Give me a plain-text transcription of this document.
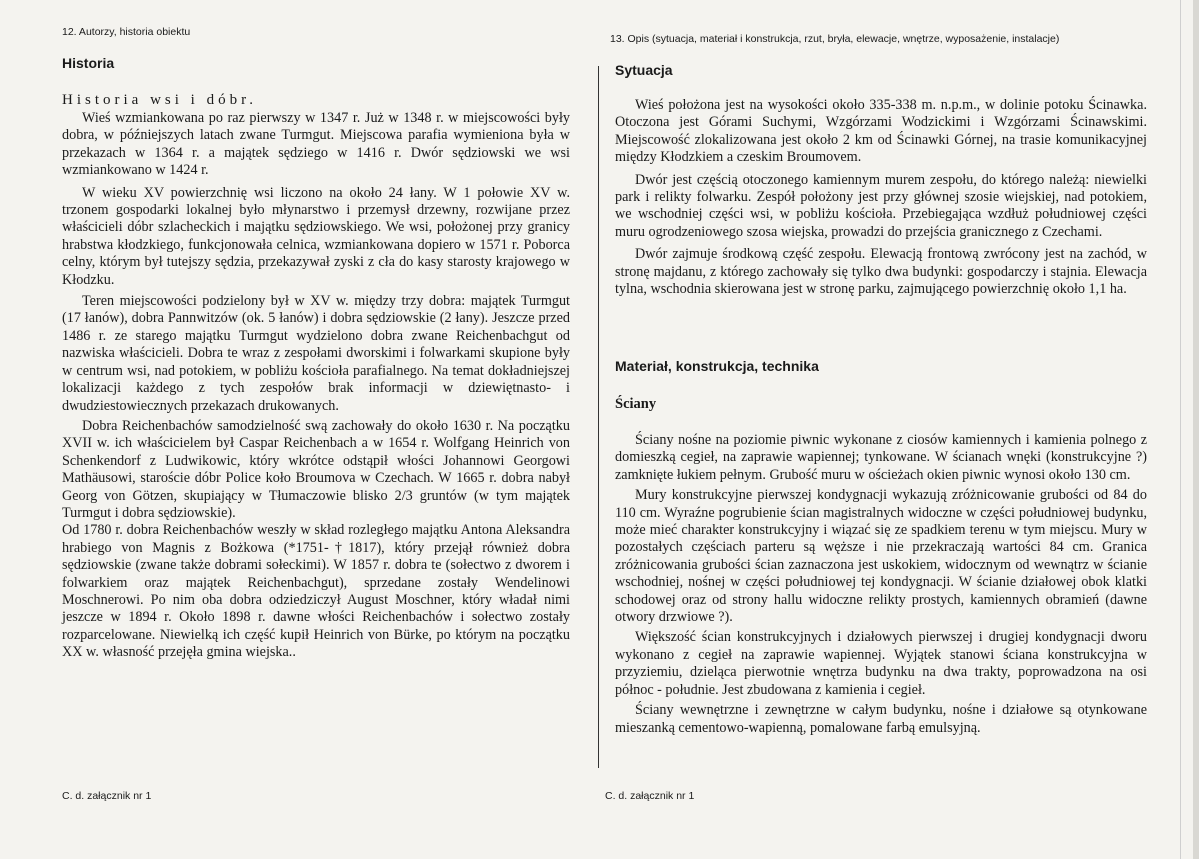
12. Autorzy, historia obiektu
Historia
Historia wsi i dóbr.

Wieś wzmiankowana po raz pierwszy w 1347 r. Już w 1348 r. w miejscowości były dobra, w późniejszych latach zwane Turmgut. Miejscowa parafia wymieniona była w przekazach w 1364 r. a majątek sędziego w 1416 r. Dwór sędziowski we wsi wzmiankowano w 1424 r.

W wieku XV powierzchnię wsi liczono na około 24 łany. W 1 połowie XV w. trzonem gospodarki lokalnej było młynarstwo i przemysł drzewny, rozwijane przez właścicieli dóbr szlacheckich i majątku sędziowskiego. We wsi, położonej przy granicy hrabstwa kłodzkiego, funkcjonowała celnica, wzmiankowana dopiero w 1571 r. Poborca celny, którym był tutejszy sędzia, przekazywał zyski z cła do kasy starosty krajowego w Kłodzku.

Teren miejscowości podzielony był w XV w. między trzy dobra: majątek Turmgut (17 łanów), dobra Pannwitzów (ok. 5 łanów) i dobra sędziowskie (2 łany). Jeszcze przed 1486 r. ze starego majątku Turmgut wydzielono dobra zwane Reichenbachgut od nazwiska właścicieli. Dobra te wraz z zespołami dworskimi i folwarkami skupione były w centrum wsi, nad potokiem, w pobliżu kościoła parafialnego. Na temat dokładniejszej lokalizacji każdego z tych zespołów brak informacji w dziewiętnasto- i dwudziestowiecznych przekazach drukowanych.

Dobra Reichenbachów samodzielność swą zachowały do około 1630 r. Na początku XVII w. ich właścicielem był Caspar Reichenbach a w 1654 r. Wolfgang Heinrich von Schenkendorf z Ludwikowic, który wkrótce odstąpił włości Johannowi Georgowi Mathäusowi, staroście dóbr Police koło Broumova w Czechach. W 1665 r. dobra nabył Georg von Götzen, skupiający w Tłumaczowie blisko 2/3 gruntów (w tym majątek Turmgut i dobra sędziowskie).

Od 1780 r. dobra Reichenbachów weszły w skład rozległego majątku Antona Aleksandra hrabiego von Magnis z Bożkowa (*1751-†1817), który przejął również dobra sędziowskie (zwane także dobrami sołeckimi). W 1857 r. dobra te (sołectwo z dworem i folwarkiem oraz majątek Reichenbachgut), sprzedane zostały Wendelinowi Moschnerowi. Po nim oba dobra odziedziczył August Moschner, który władał nimi jeszcze w 1894 r. Około 1898 r. dawne włości Reichenbachów i sołectwo zostały rozparcelowane. Niewielką ich część kupił Heinrich von Bürke, po którym na początku XX w. własność przejęła gmina wiejska..

C. d. załącznik nr 1
13. Opis (sytuacja, materiał i konstrukcja, rzut, bryła, elewacje, wnętrze, wyposażenie, instalacje)
Sytuacja

Wieś położona jest na wysokości około 335-338 m. n.p.m., w dolinie potoku Ścinawka. Otoczona jest Górami Suchymi, Wzgórzami Wodzickimi i Wzgórzami Ścinawskimi. Miejscowość zlokalizowana jest około 2 km od Ścinawki Górnej, na trasie komunikacyjnej między Kłodzkiem a czeskim Broumovem.

Dwór jest częścią otoczonego kamiennym murem zespołu, do którego należą: niewielki park i relikty folwarku. Zespół położony jest przy głównej szosie wiejskiej, nad potokiem, we wschodniej części wsi, w pobliżu kościoła. Przebiegająca wzdłuż południowej części muru ogrodzeniowego szosa wiejska, prowadzi do przejścia granicznego z Czechami.

Dwór zajmuje środkową część zespołu. Elewacją frontową zwrócony jest na zachód, w stronę majdanu, z którego zachowały się tylko dwa budynki: gospodarczy i stajnia. Elewacja tylna, wschodnia skierowana jest w stronę parku, zajmującego powierzchnię około 1,1 ha.

Materiał, konstrukcja, technika
Ściany

Ściany nośne na poziomie piwnic wykonane z ciosów kamiennych i kamienia polnego z domieszką cegieł, na zaprawie wapiennej; tynkowane. W ścianach wnęki (konstrukcyjne ?) zamknięte łukiem pełnym. Grubość muru w ościeżach okien piwnic wynosi około 130 cm.

Mury konstrukcyjne pierwszej kondygnacji wykazują zróżnicowanie grubości od 84 do 110 cm. Wyraźne pogrubienie ścian magistralnych widoczne w części południowej budynku, może mieć charakter konstrukcyjny i wiązać się ze spadkiem terenu w tym miejscu. Mury w pozostałych częściach parteru są węższe i nie przekraczają wartości 84 cm. Granica zróżnicowania grubości ścian zaznaczona jest uskokiem, widocznym od wewnątrz w ścianie wschodniej, nośnej w części południowej tej kondygnacji. W ścianie działowej obok klatki schodowej oraz od strony hallu widoczne relikty prostych, kamiennych obramień (dawne otwory drzwiowe ?).

Większość ścian konstrukcyjnych i działowych pierwszej i drugiej kondygnacji dworu wykonano z cegieł na zaprawie wapiennej. Wyjątek stanowi ściana konstrukcyjna w przyziemiu, dzieląca pierwotnie wnętrza budynku na dwa trakty, poprowadzona na osi północ - południe. Jest zbudowana z kamienia i cegieł.

Ściany wewnętrzne i zewnętrzne w całym budynku, nośne i działowe są otynkowane mieszanką cementowo-wapienną, pomalowane farbą emulsyjną.

C. d. załącznik nr 1
